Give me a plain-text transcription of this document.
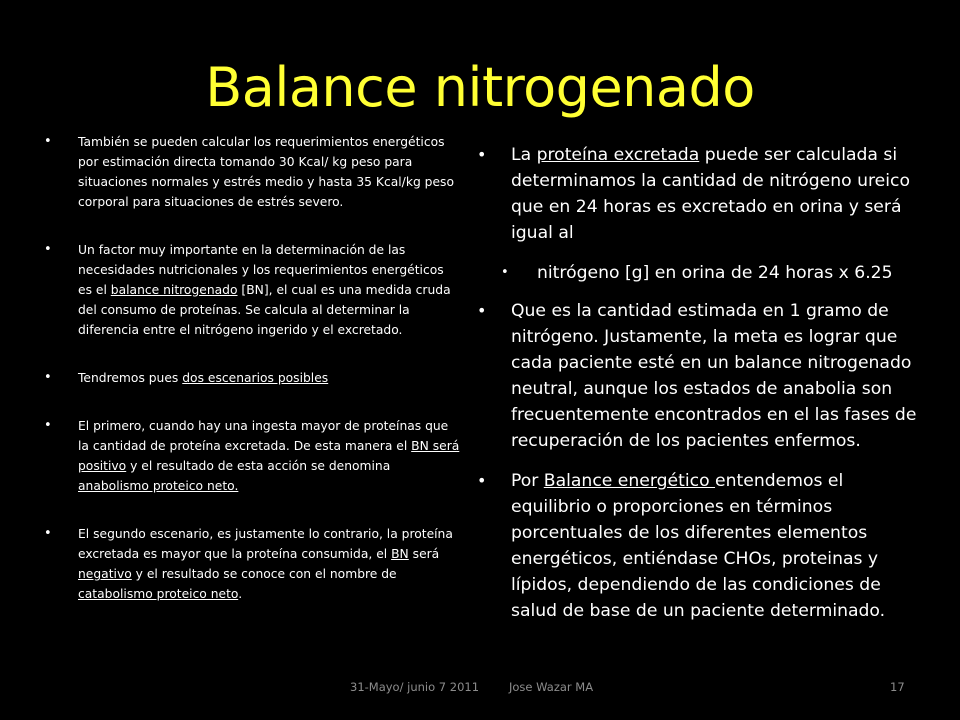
Balance nitrogenado
• También se pueden calcular los requerimientos energéticos por estimación directa tomando 30 Kcal/ kg peso para situaciones normales y estrés medio y hasta 35 Kcal/kg peso corporal para situaciones de estrés severo.
• Un factor muy importante en la determinación de las necesidades nutricionales y los requerimientos energéticos es el balance nitrogenado [BN], el cual es una medida cruda del consumo de proteínas. Se calcula al determinar la diferencia entre el nitrógeno ingerido y el excretado.
• Tendremos pues dos escenarios posibles
• El primero, cuando hay una ingesta mayor de proteínas que la cantidad de proteína excretada. De esta manera el BN será positivo y el resultado de esta acción se denomina anabolismo proteico neto.
• El segundo escenario, es justamente lo contrario, la proteína excretada es mayor que la proteína consumida, el BN será negativo y el resultado se conoce con el nombre de catabolismo proteico neto.
• La proteína excretada puede ser calculada si determinamos la cantidad de nitrógeno ureico que en 24 horas es excretado en orina y será igual al
• nitrógeno [g] en orina de 24 horas x 6.25
• Que es la cantidad estimada en 1 gramo de nitrógeno. Justamente, la meta es lograr que cada paciente esté en un balance nitrogenado neutral, aunque los estados de anabolia son frecuentemente encontrados en el las fases de recuperación de los pacientes enfermos.
• Por Balance energético entendemos el equilibrio o proporciones en términos porcentuales de los diferentes elementos energéticos, entiéndase CHOs, proteinas y lípidos, dependiendo de las condiciones de salud de base de un paciente determinado.
31-Mayo/ junio 7 2011	Jose Wazar MA	17
